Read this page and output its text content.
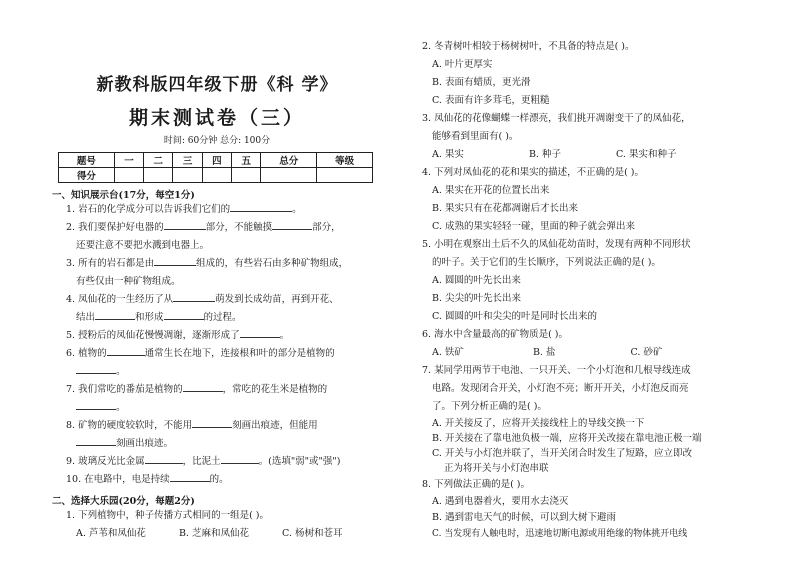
新教科版四年级下册《科 学》
期末测试卷（三）
时间: 60分钟 总分: 100分
题号	一	二	三	四	五	总分	等级
得分							
一、知识展示台(17分，每空1分)
1. 岩石的化学成分可以告诉我们它们的	。
2. 我们要保护好电器的	部分，不能触摸	部分，
还要注意不要把水溅到电器上。
3. 所有的岩石都是由	组成的，有些岩石由多种矿物组成，
有些仅由一种矿物组成。
4. 凤仙花的一生经历了从	萌发到长成幼苗，再到开花、
结出	和形成	的过程。
5. 授粉后的凤仙花慢慢凋谢，逐渐形成了	。
6. 植物的	通常生长在地下，连接根和叶的部分是植物的
。
7. 我们常吃的番茄是植物的	，常吃的花生米是植物的
。
8. 矿物的硬度较软时，不能用	刻画出痕迹，但能用
刻画出痕迹。
9. 玻璃反光比金属	，比泥土	。(选填"弱"或"强")
10. 在电路中，电是持续	的。
二、选择大乐园(20分，每题2分)
1. 下列植物中，种子传播方式相同的一组是( )。
A. 芦苇和凤仙花	B. 芝麻和凤仙花	C. 杨树和苍耳
2. 冬青树叶相较于杨树树叶，不具备的特点是( )。
A. 叶片更厚实
B. 表面有蜡质，更光滑
C. 表面有许多茸毛，更粗糙
3. 凤仙花的花像蝴蝶一样漂亮，我们挑开凋谢变干了的凤仙花，
能够看到里面有( )。
A. 果实	B. 种子	C. 果实和种子
4. 下列对凤仙花的花和果实的描述，不正确的是( )。
A. 果实在开花的位置长出来
B. 果实只有在花都凋谢后才长出来
C. 成熟的果实轻轻一碰，里面的种子就会弹出来
5. 小明在观察出土后不久的凤仙花幼苗时，发现有两种不同形状
的叶子。关于它们的生长顺序，下列说法正确的是( )。
A. 圆圆的叶先长出来
B. 尖尖的叶先长出来
C. 圆圆的叶和尖尖的叶是同时长出来的
6. 海水中含量最高的矿物质是( )。
A. 铁矿	B. 盐	C. 砂矿
7. 某同学用两节干电池、一只开关、一个小灯泡和几根导线连成
电路。发现闭合开关，小灯泡不亮；断开开关，小灯泡反而亮
了。下列分析正确的是( )。
A. 开关接反了，应将开关接线柱上的导线交换一下
B. 开关接在了靠电池负极一端，应将开关改接在靠电池正极一端
C. 开关与小灯泡并联了，当开关闭合时发生了短路，应立即改
正为将开关与小灯泡串联
8. 下列做法正确的是( )。
A. 遇到电器着火，要用水去浇灭
B. 遇到雷电天气的时候，可以到大树下避雨
C. 当发现有人触电时，迅速地切断电源或用绝缘的物体挑开电线
